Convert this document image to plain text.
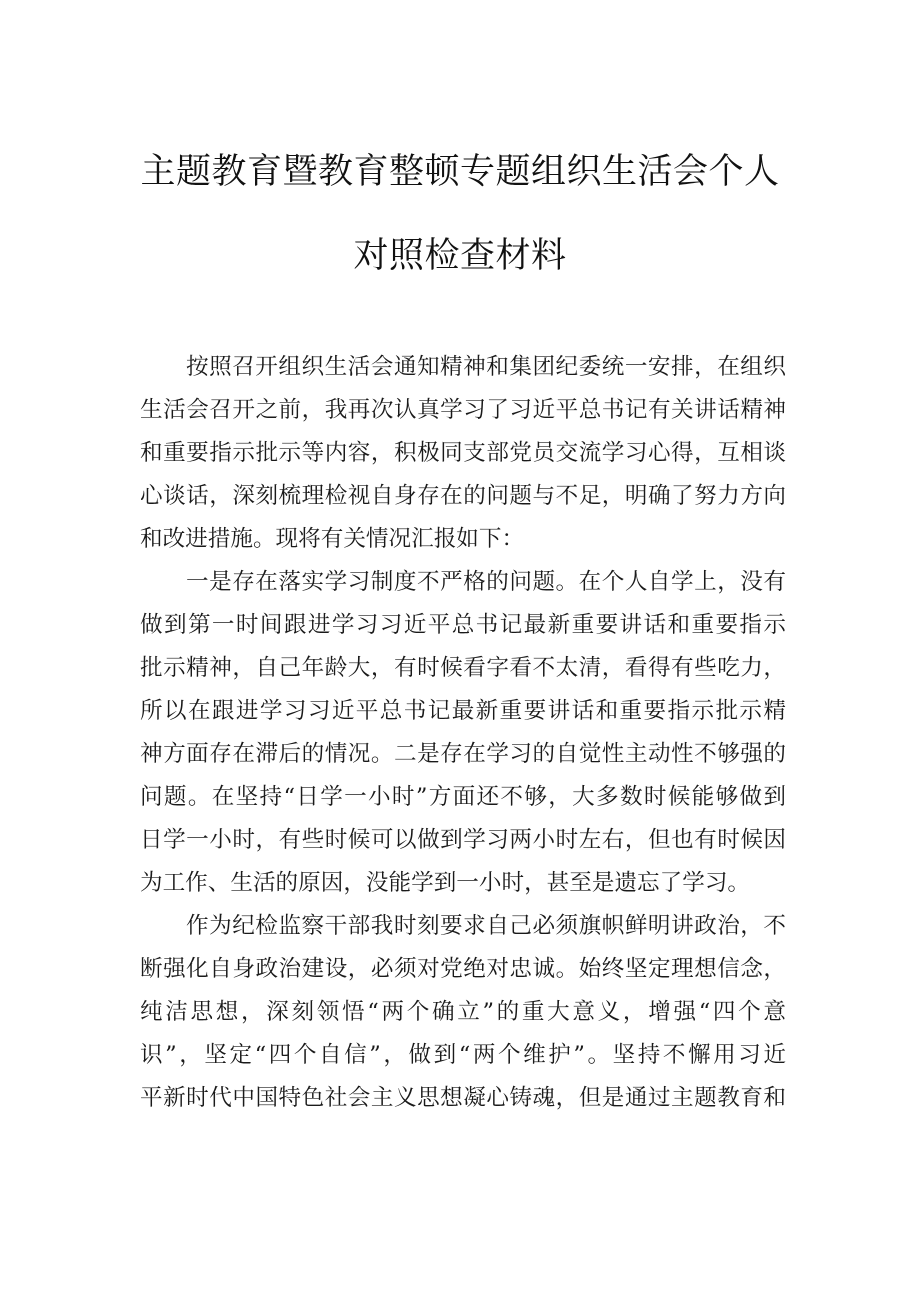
主题教育暨教育整顿专题组织生活会个人
对照检查材料
按照召开组织生活会通知精神和集团纪委统一安排，在组织
生活会召开之前，我再次认真学习了习近平总书记有关讲话精神
和重要指示批示等内容，积极同支部党员交流学习心得，互相谈
心谈话，深刻梳理检视自身存在的问题与不足，明确了努力方向
和改进措施。现将有关情况汇报如下：
一是存在落实学习制度不严格的问题。在个人自学上，没有
做到第一时间跟进学习习近平总书记最新重要讲话和重要指示
批示精神，自己年龄大，有时候看字看不太清，看得有些吃力，
所以在跟进学习习近平总书记最新重要讲话和重要指示批示精
神方面存在滞后的情况。二是存在学习的自觉性主动性不够强的
问题。在坚持“日学一小时”方面还不够，大多数时候能够做到
日学一小时，有些时候可以做到学习两小时左右，但也有时候因
为工作、生活的原因，没能学到一小时，甚至是遗忘了学习。
作为纪检监察干部我时刻要求自己必须旗帜鲜明讲政治，不
断强化自身政治建设，必须对党绝对忠诚。始终坚定理想信念，
纯洁思想，深刻领悟“两个确立”的重大意义，增强“四个意
识”，坚定“四个自信”，做到“两个维护”。坚持不懈用习近
平新时代中国特色社会主义思想凝心铸魂，但是通过主题教育和
